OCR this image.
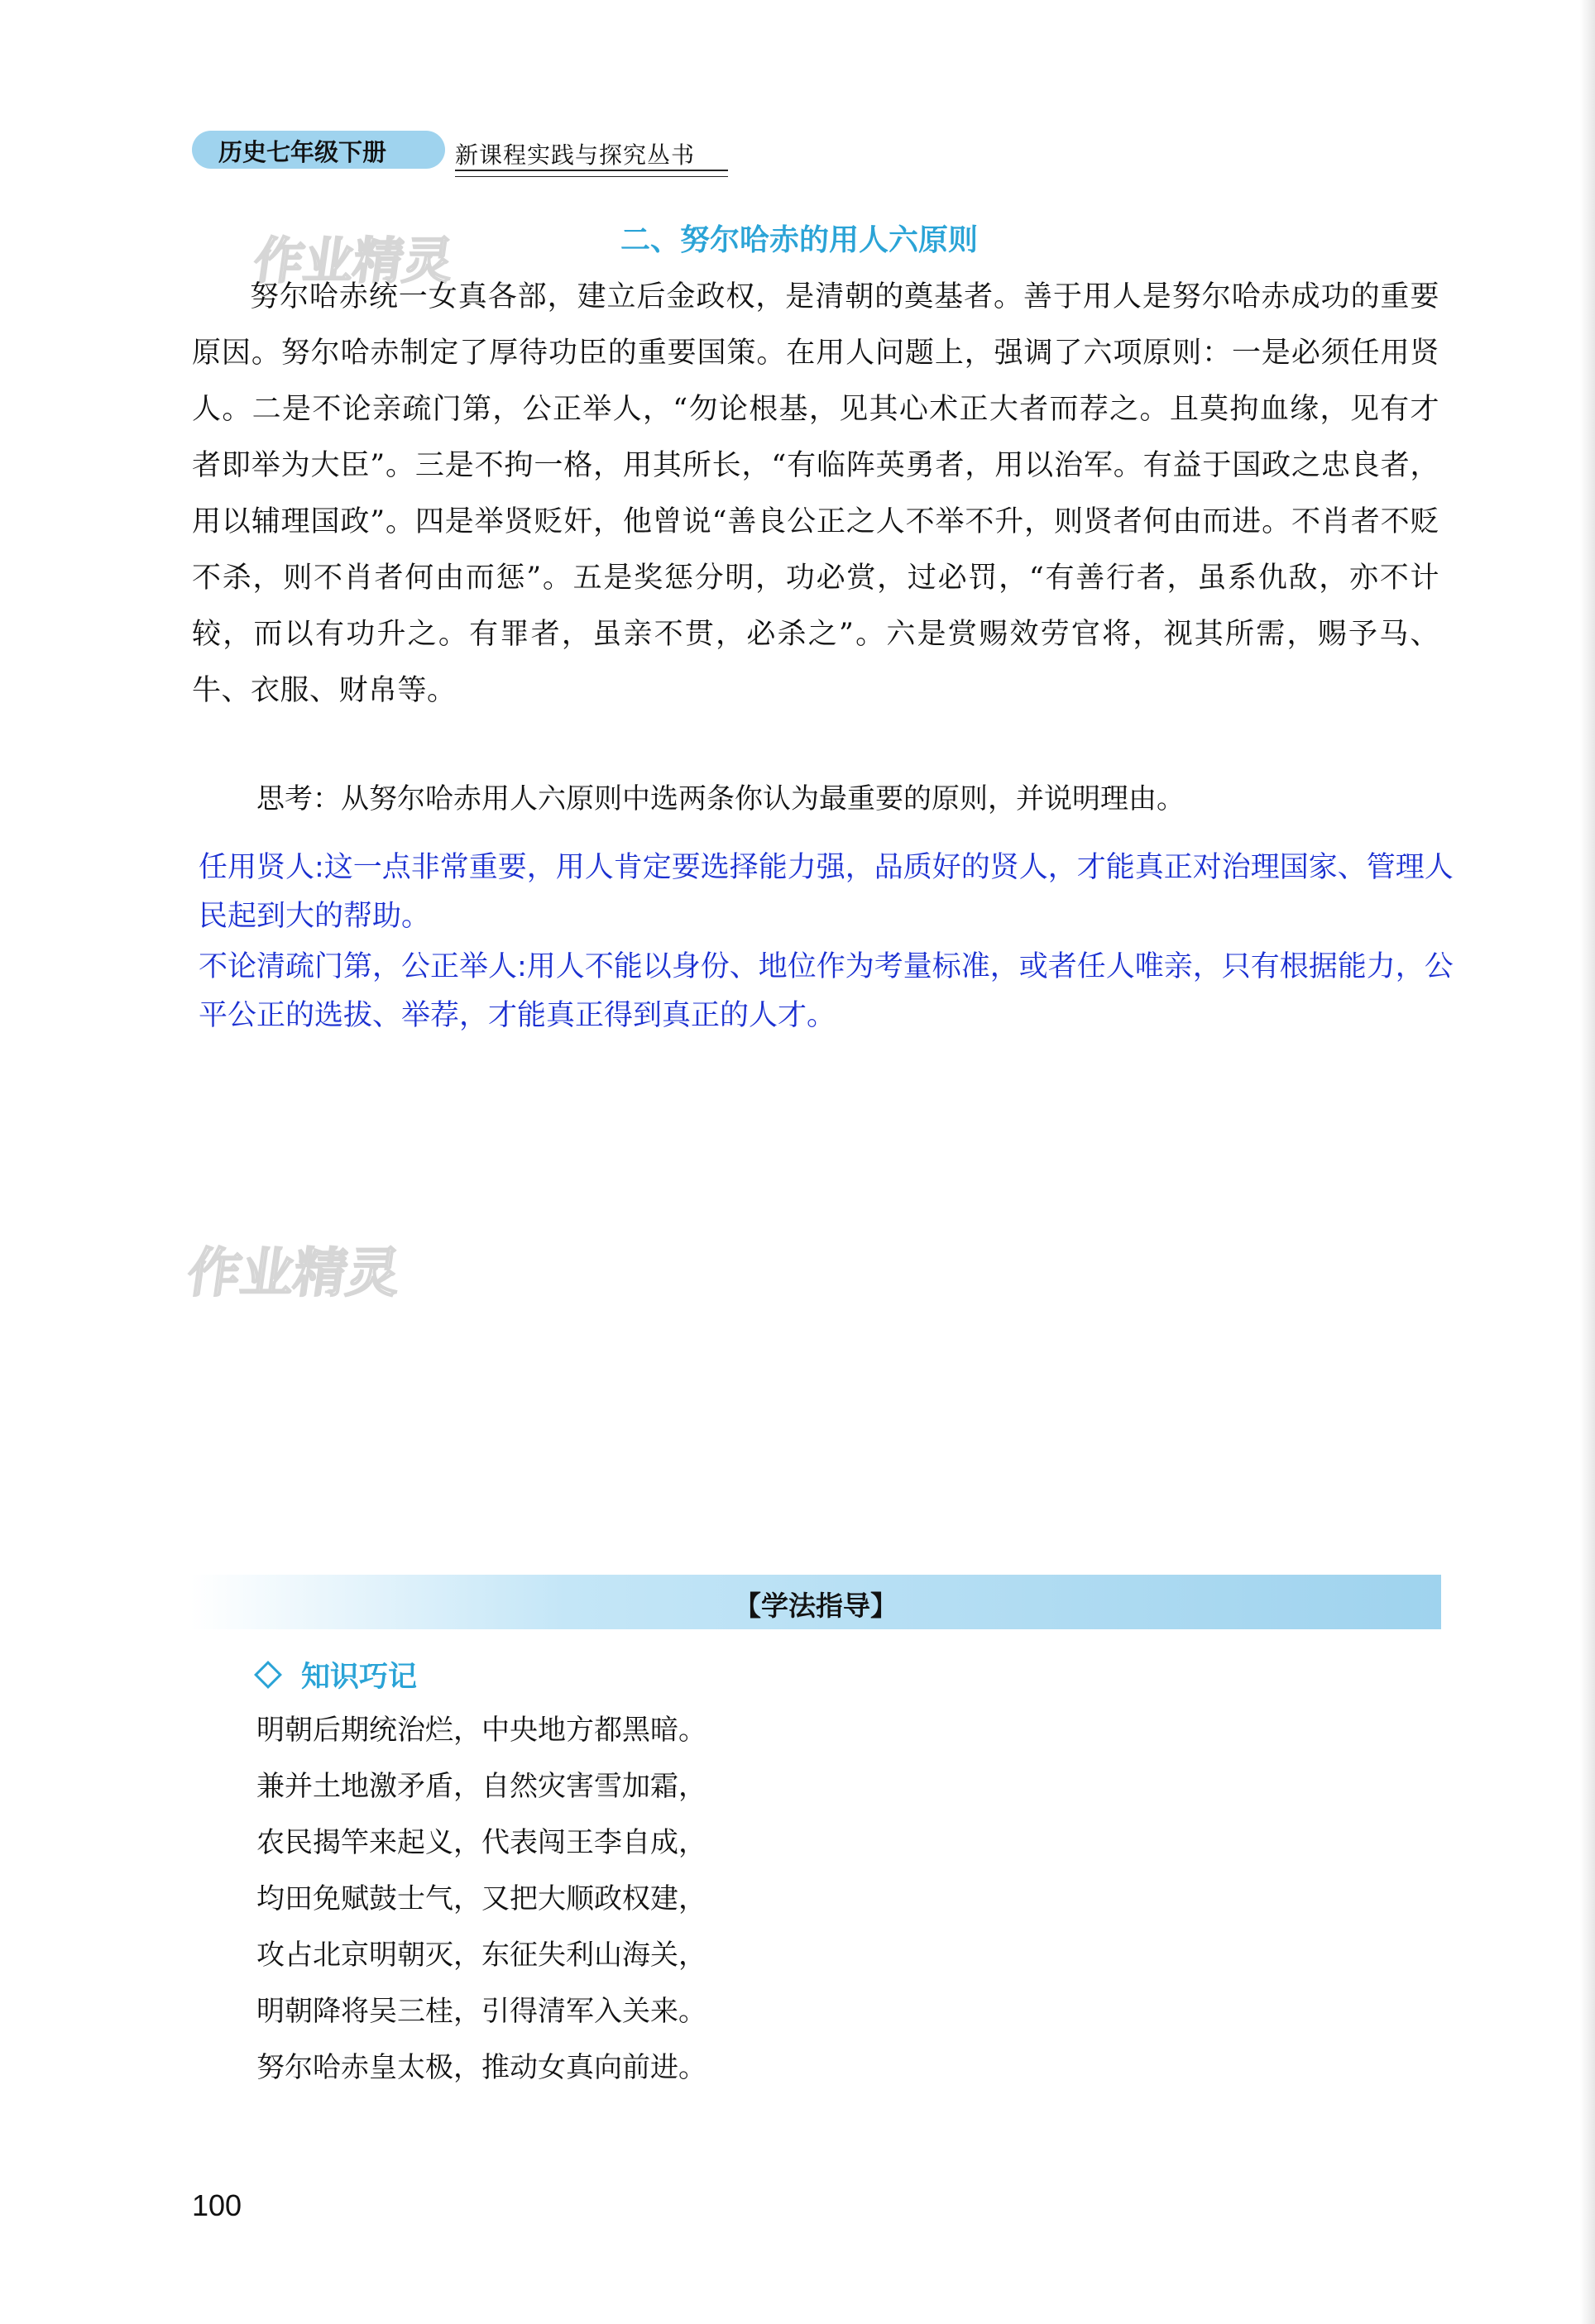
历史七年级下册	新课程实践与探究丛书
作业精灵	二、努尔哈赤的用人六原则

努尔哈赤统一女真各部，建立后金政权，是清朝的奠基者。善于用人是努尔哈赤成功的重要原因。努尔哈赤制定了厚待功臣的重要国策。在用人问题上，强调了六项原则：一是必须任用贤人。二是不论亲疏门第，公正举人，“勿论根基，见其心术正大者而荐之。且莫拘血缘，见有才者即举为大臣”。三是不拘一格，用其所长，“有临阵英勇者，用以治军。有益于国政之忠良者，用以辅理国政”。四是举贤贬奸，他曾说“善良公正之人不举不升，则贤者何由而进。不肖者不贬不杀，则不肖者何由而惩”。五是奖惩分明，功必赏，过必罚，“有善行者，虽系仇敌，亦不计较，而以有功升之。有罪者，虽亲不贯，必杀之”。六是赏赐效劳官将，视其所需，赐予马、牛、衣服、财帛等。

思考：从努尔哈赤用人六原则中选两条你认为最重要的原则，并说明理由。
任用贤人:这一点非常重要，用人肯定要选择能力强，品质好的贤人，才能真正对治理国家、管理人民起到大的帮助。
不论清疏门第，公正举人:用人不能以身份、地位作为考量标准，或者任人唯亲，只有根据能力，公平公正的选拔、举荐，才能真正得到真正的人才。
作业精灵
【学法指导】
知识巧记
明朝后期统治烂，中央地方都黑暗。
兼并土地激矛盾，自然灾害雪加霜，
农民揭竿来起义，代表闯王李自成，
均田免赋鼓士气，又把大顺政权建，
攻占北京明朝灭，东征失利山海关，
明朝降将吴三桂，引得清军入关来。
努尔哈赤皇太极，推动女真向前进。
100
